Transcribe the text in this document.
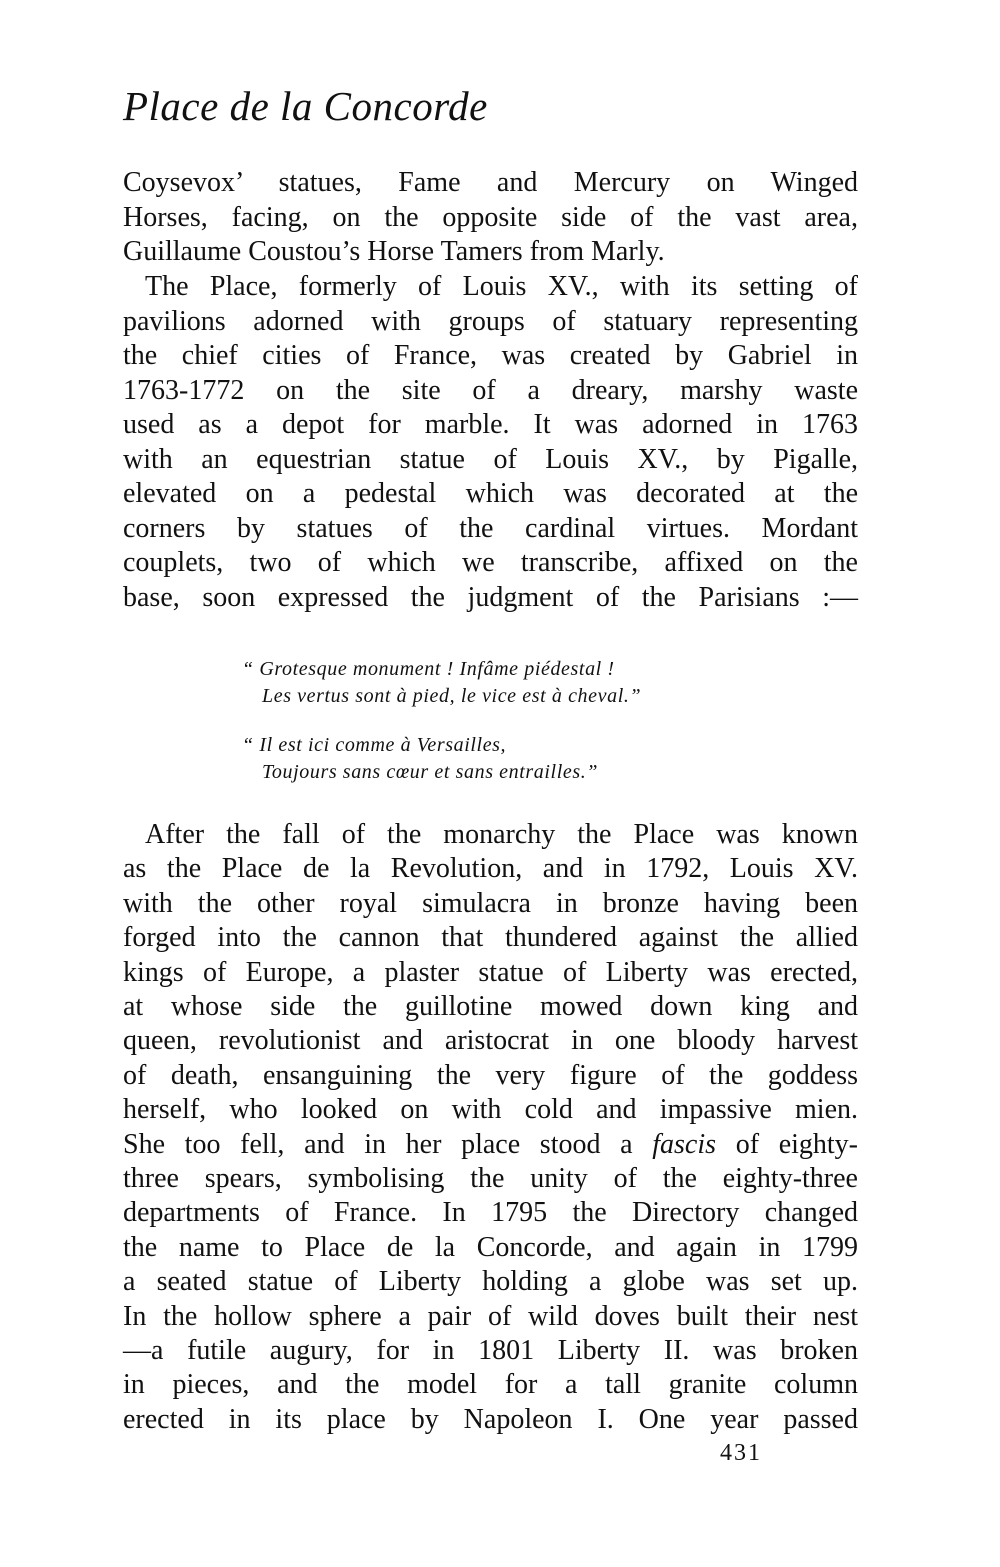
Place de la Concorde
Coysevox’ statues, Fame and Mercury on Winged
Horses, facing, on the opposite side of the vast area,
Guillaume Coustou’s Horse Tamers from Marly.
The Place, formerly of Louis XV., with its setting of
pavilions adorned with groups of statuary representing
the chief cities of France, was created by Gabriel in
1763-1772 on the site of a dreary, marshy waste
used as a depot for marble. It was adorned in 1763
with an equestrian statue of Louis XV., by Pigalle,
elevated on a pedestal which was decorated at the
corners by statues of the cardinal virtues. Mordant
couplets, two of which we transcribe, affixed on the
base, soon expressed the judgment of the Parisians :—
After the fall of the monarchy the Place was known
as the Place de la Revolution, and in 1792, Louis XV.
with the other royal simulacra in bronze having been
forged into the cannon that thundered against the allied
kings of Europe, a plaster statue of Liberty was erected,
at whose side the guillotine mowed down king and
queen, revolutionist and aristocrat in one bloody harvest
of death, ensanguining the very figure of the goddess
herself, who looked on with cold and impassive mien.
She too fell, and in her place stood a fascis of eighty-
three spears, symbolising the unity of the eighty-three
departments of France. In 1795 the Directory changed
the name to Place de la Concorde, and again in 1799
a seated statue of Liberty holding a globe was set up.
In the hollow sphere a pair of wild doves built their nest
—a futile augury, for in 1801 Liberty II. was broken
in pieces, and the model for a tall granite column
erected in its place by Napoleon I. One year passed
“ Grotesque monument ! Infâme piédestal !
Les vertus sont à pied, le vice est à cheval.”
“ Il est ici comme à Versailles,
Toujours sans cœur et sans entrailles.”
431
